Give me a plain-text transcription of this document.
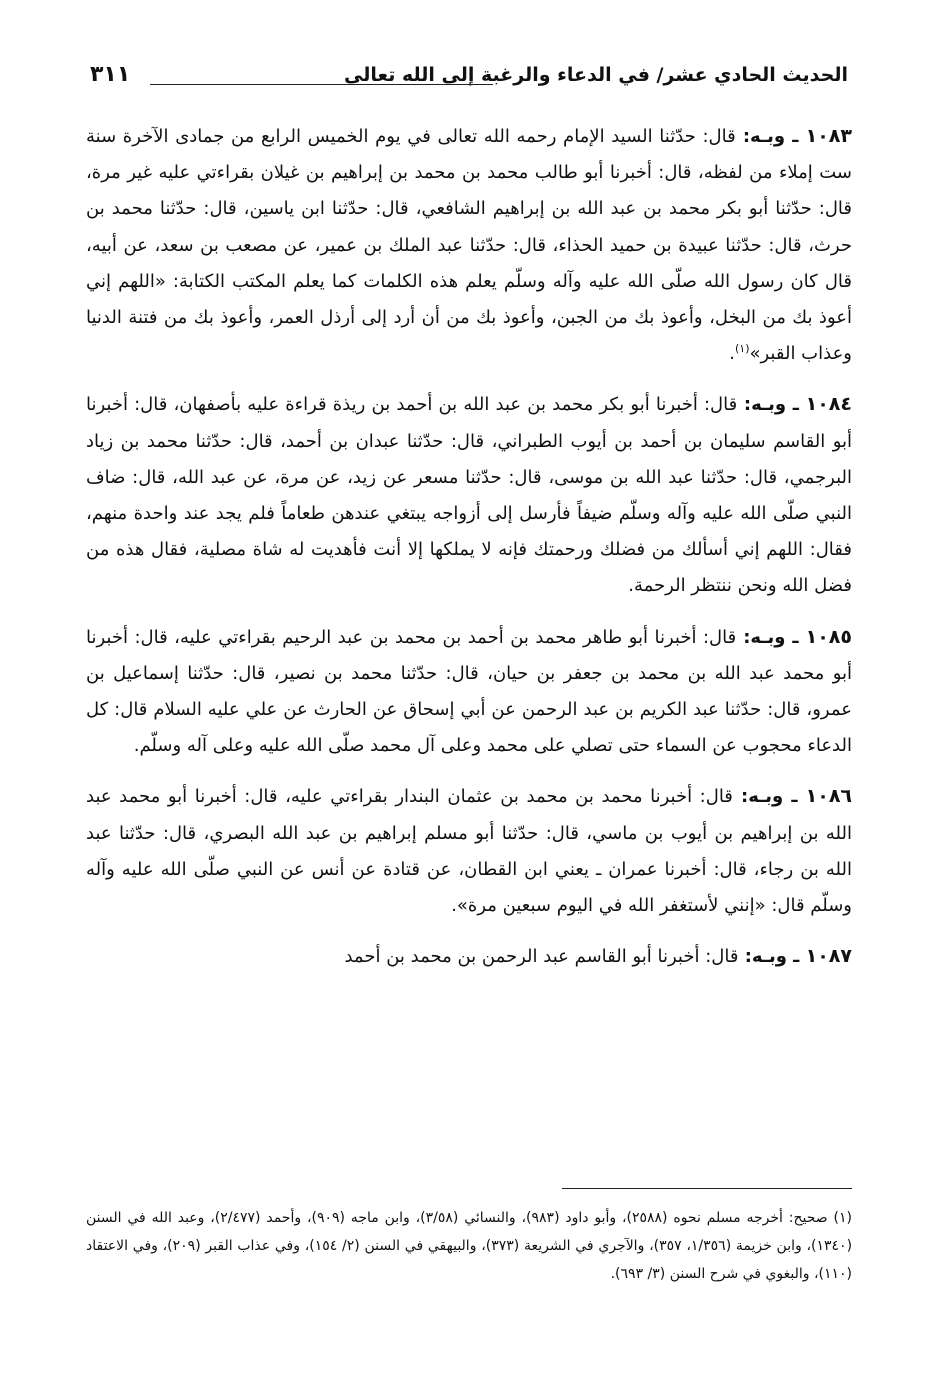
الحديث الحادي عشر/ في الدعاء والرغبة إلى الله تعالى
٣١١

١٠٨٣ ـ وبـه: قال: حدّثنا السيد الإمام رحمه الله تعالى في يوم الخميس الرابع من جمادى الآخرة سنة ست إملاء من لفظه، قال: أخبرنا أبو طالب محمد بن محمد بن إبراهيم بن غيلان بقراءتي عليه غير مرة، قال: حدّثنا أبو بكر محمد بن عبد الله بن إبراهيم الشافعي، قال: حدّثنا ابن ياسين، قال: حدّثنا محمد بن حرث، قال: حدّثنا عبيدة بن حميد الحذاء، قال: حدّثنا عبد الملك بن عمير، عن مصعب بن سعد، عن أبيه، قال كان رسول الله صلّى الله عليه وآله وسلّم يعلم هذه الكلمات كما يعلم المكتب الكتابة: «اللهم إني أعوذ بك من البخل، وأعوذ بك من الجبن، وأعوذ بك من أن أرد إلى أرذل العمر، وأعوذ بك من فتنة الدنيا وعذاب القبر»$^{(١)}$.

١٠٨٤ ـ وبـه: قال: أخبرنا أبو بكر محمد بن عبد الله بن أحمد بن ريذة قراءة عليه بأصفهان، قال: أخبرنا أبو القاسم سليمان بن أحمد بن أيوب الطبراني، قال: حدّثنا عبدان بن أحمد، قال: حدّثنا محمد بن زياد البرجمي، قال: حدّثنا عبد الله بن موسى، قال: حدّثنا مسعر عن زيد، عن مرة، عن عبد الله، قال: ضاف النبي صلّى الله عليه وآله وسلّم ضيفاً فأرسل إلى أزواجه يبتغي عندهن طعاماً فلم يجد عند واحدة منهم، فقال: اللهم إني أسألك من فضلك ورحمتك فإنه لا يملكها إلا أنت فأهديت له شاة مصلية، فقال هذه من فضل الله ونحن ننتظر الرحمة.

١٠٨٥ ـ وبـه: قال: أخبرنا أبو طاهر محمد بن أحمد بن محمد بن عبد الرحيم بقراءتي عليه، قال: أخبرنا أبو محمد عبد الله بن محمد بن جعفر بن حيان، قال: حدّثنا محمد بن نصير، قال: حدّثنا إسماعيل بن عمرو، قال: حدّثنا عبد الكريم بن عبد الرحمن عن أبي إسحاق عن الحارث عن علي عليه السلام قال: كل الدعاء محجوب عن السماء حتى تصلي على محمد وعلى آل محمد صلّى الله عليه وعلى آله وسلّم.

١٠٨٦ ـ وبـه: قال: أخبرنا محمد بن محمد بن عثمان البندار بقراءتي عليه، قال: أخبرنا أبو محمد عبد الله بن إبراهيم بن أيوب بن ماسي، قال: حدّثنا أبو مسلم إبراهيم بن عبد الله البصري، قال: حدّثنا عبد الله بن رجاء، قال: أخبرنا عمران ـ يعني ابن القطان، عن قتادة عن أنس عن النبي صلّى الله عليه وآله وسلّم قال: «إنني لأستغفر الله في اليوم سبعين مرة».

١٠٨٧ ـ وبـه: قال: أخبرنا أبو القاسم عبد الرحمن بن محمد بن أحمد

(١) صحيح: أخرجه مسلم نحوه (٢٥٨٨)، وأبو داود (٩٨٣)، والنسائي (٣/٥٨)، وابن ماجه (٩٠٩)، وأحمد (٢/٤٧٧)، وعبد الله في السنن (١٣٤٠)، وابن خزيمة (١/٣٥٦، ٣٥٧)، والآجري في الشريعة (٣٧٣)، والبيهقي في السنن (٢/ ١٥٤)، وفي عذاب القبر (٢٠٩)، وفي الاعتقاد (١١٠)، والبغوي في شرح السنن (٣/ ٦٩٣).
